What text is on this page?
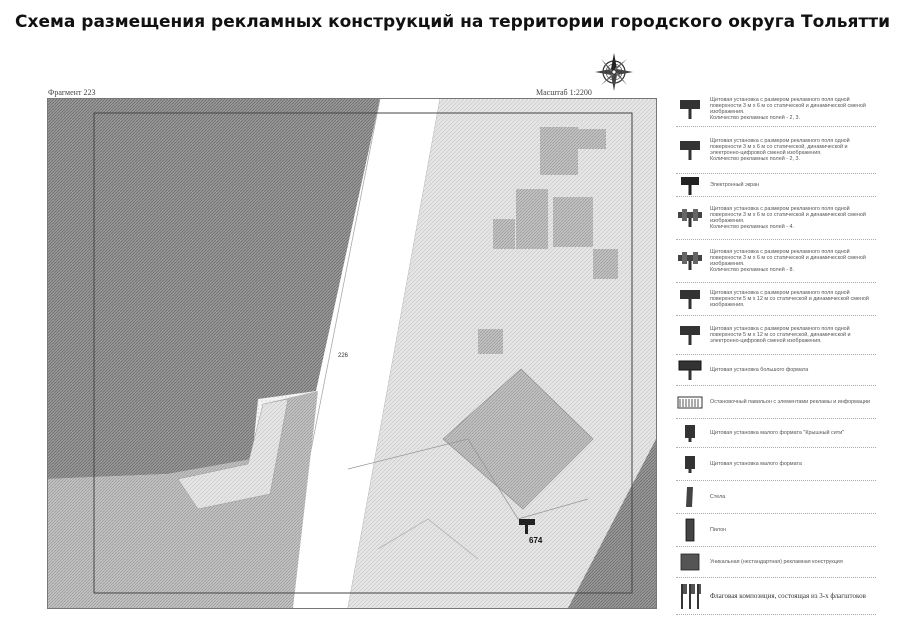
Схема размещения рекламных конструкций на территории городского округа Тольятти
Фрагмент 223	Масштаб 1:2200
226
674
Щитовая установка с размером рекламного поля одной поверхности 3 м х 6 м со статической и динамической сменой изображения.
Количество рекламных полей - 2, 3.
Щитовая установка с размером рекламного поля одной поверхности 3 м х 6 м со статической, динамической и электронно-цифровой сменой изображения.
Количество рекламных полей - 2, 3.
Электронный экран
Щитовая установка с размером рекламного поля одной поверхности 3 м х 6 м со статической и динамической сменой изображения.
Количество рекламных полей - 4.
Щитовая установка с размером рекламного поля одной поверхности 3 м х 6 м со статической и динамической сменой изображения.
Количество рекламных полей - 8.
Щитовая установка с размером рекламного поля одной поверхности 5 м х 12 м со статической и динамической сменой изображения.
Щитовая установка с размером рекламного поля одной поверхности 5 м х 12 м со статической, динамической и электронно-цифровой сменой изображения.
Щитовая установка большого формата
Остановочный павильон с элементами рекламы и информации
Щитовая установка малого формата "Крышный сити"
Щитовая установка малого формата
Стела
Пилон
Уникальная (нестандартная) рекламная конструкция
Флаговая композиция, состоящая из 3-х флагштоков
